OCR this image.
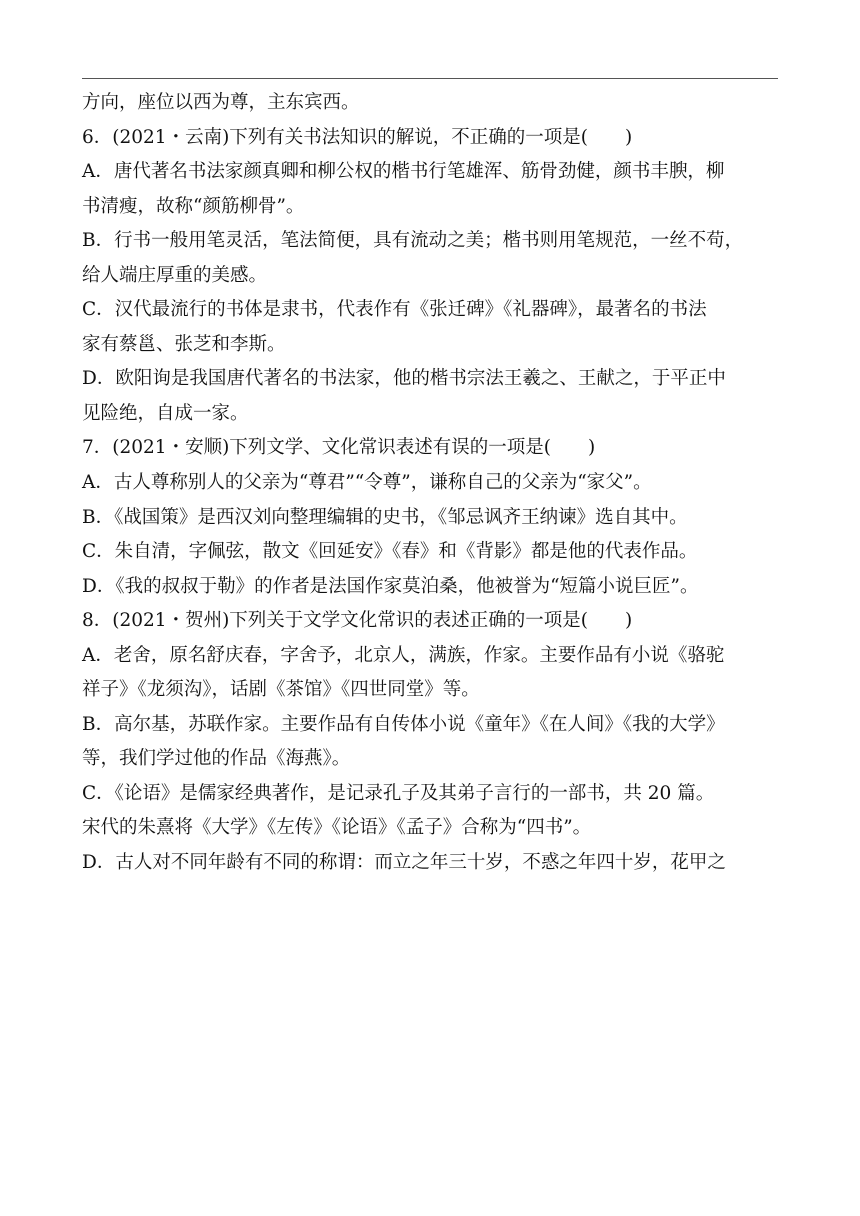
方向，座位以西为尊，主东宾西。
6．(2021・云南)下列有关书法知识的解说，不正确的一项是(　　)
A．唐代著名书法家颜真卿和柳公权的楷书行笔雄浑、筋骨劲健，颜书丰腴，柳
书清瘦，故称“颜筋柳骨”。
B．行书一般用笔灵活，笔法简便，具有流动之美；楷书则用笔规范，一丝不苟，
给人端庄厚重的美感。
C．汉代最流行的书体是隶书，代表作有《张迁碑》《礼器碑》，最著名的书法
家有蔡邕、张芝和李斯。
D．欧阳询是我国唐代著名的书法家，他的楷书宗法王羲之、王献之，于平正中
见险绝，自成一家。
7．(2021・安顺)下列文学、文化常识表述有误的一项是(　　)
A．古人尊称别人的父亲为“尊君”“令尊”，谦称自己的父亲为“家父”。
B．《战国策》是西汉刘向整理编辑的史书，《邹忌讽齐王纳谏》选自其中。
C．朱自清，字佩弦，散文《回延安》《春》和《背影》都是他的代表作品。
D．《我的叔叔于勒》的作者是法国作家莫泊桑，他被誉为“短篇小说巨匠”。
8．(2021・贺州)下列关于文学文化常识的表述正确的一项是(　　)
A．老舍，原名舒庆春，字舍予，北京人，满族，作家。主要作品有小说《骆驼
祥子》《龙须沟》，话剧《茶馆》《四世同堂》等。
B．高尔基，苏联作家。主要作品有自传体小说《童年》《在人间》《我的大学》
等，我们学过他的作品《海燕》。
C．《论语》是儒家经典著作，是记录孔子及其弟子言行的一部书，共 20 篇。
宋代的朱熹将《大学》《左传》《论语》《孟子》合称为“四书”。
D．古人对不同年龄有不同的称谓：而立之年三十岁，不惑之年四十岁，花甲之
